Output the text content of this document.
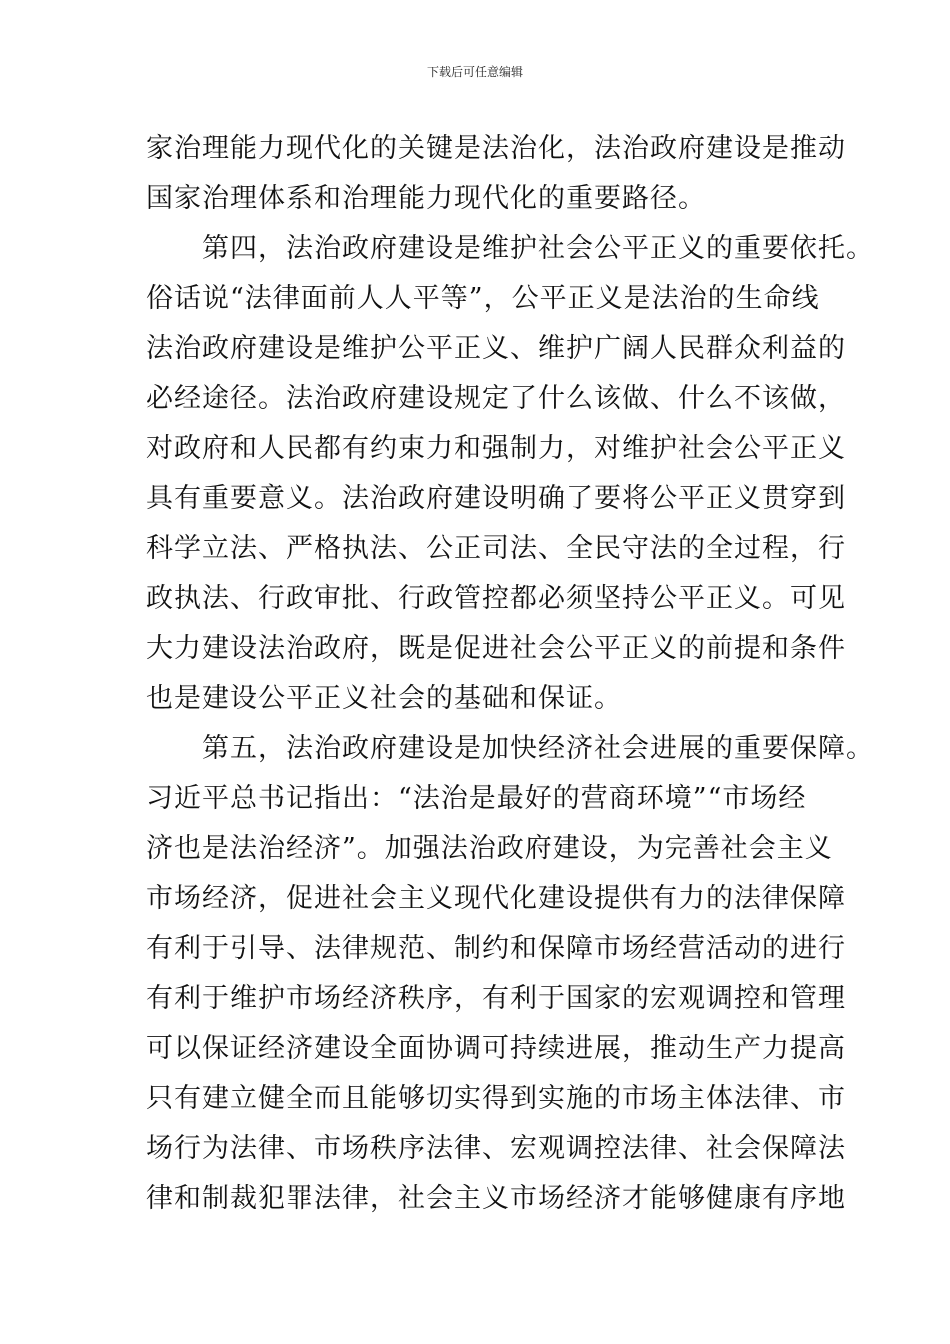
下载后可任意编辑
家治理能力现代化的关键是法治化，法治政府建设是推动
国家治理体系和治理能力现代化的重要路径。
第四，法治政府建设是维护社会公平正义的重要依托。
俗话说“法律面前人人平等”，公平正义是法治的生命线
法治政府建设是维护公平正义、维护广阔人民群众利益的
必经途径。法治政府建设规定了什么该做、什么不该做，
对政府和人民都有约束力和强制力，对维护社会公平正义
具有重要意义。法治政府建设明确了要将公平正义贯穿到
科学立法、严格执法、公正司法、全民守法的全过程，行
政执法、行政审批、行政管控都必须坚持公平正义。可见
大力建设法治政府，既是促进社会公平正义的前提和条件
也是建设公平正义社会的基础和保证。
第五，法治政府建设是加快经济社会进展的重要保障。
习近平总书记指出：“法治是最好的营商环境”“市场经
济也是法治经济”。加强法治政府建设，为完善社会主义
市场经济，促进社会主义现代化建设提供有力的法律保障
有利于引导、法律规范、制约和保障市场经营活动的进行
有利于维护市场经济秩序，有利于国家的宏观调控和管理
可以保证经济建设全面协调可持续进展，推动生产力提高
只有建立健全而且能够切实得到实施的市场主体法律、市
场行为法律、市场秩序法律、宏观调控法律、社会保障法
律和制裁犯罪法律，社会主义市场经济才能够健康有序地
